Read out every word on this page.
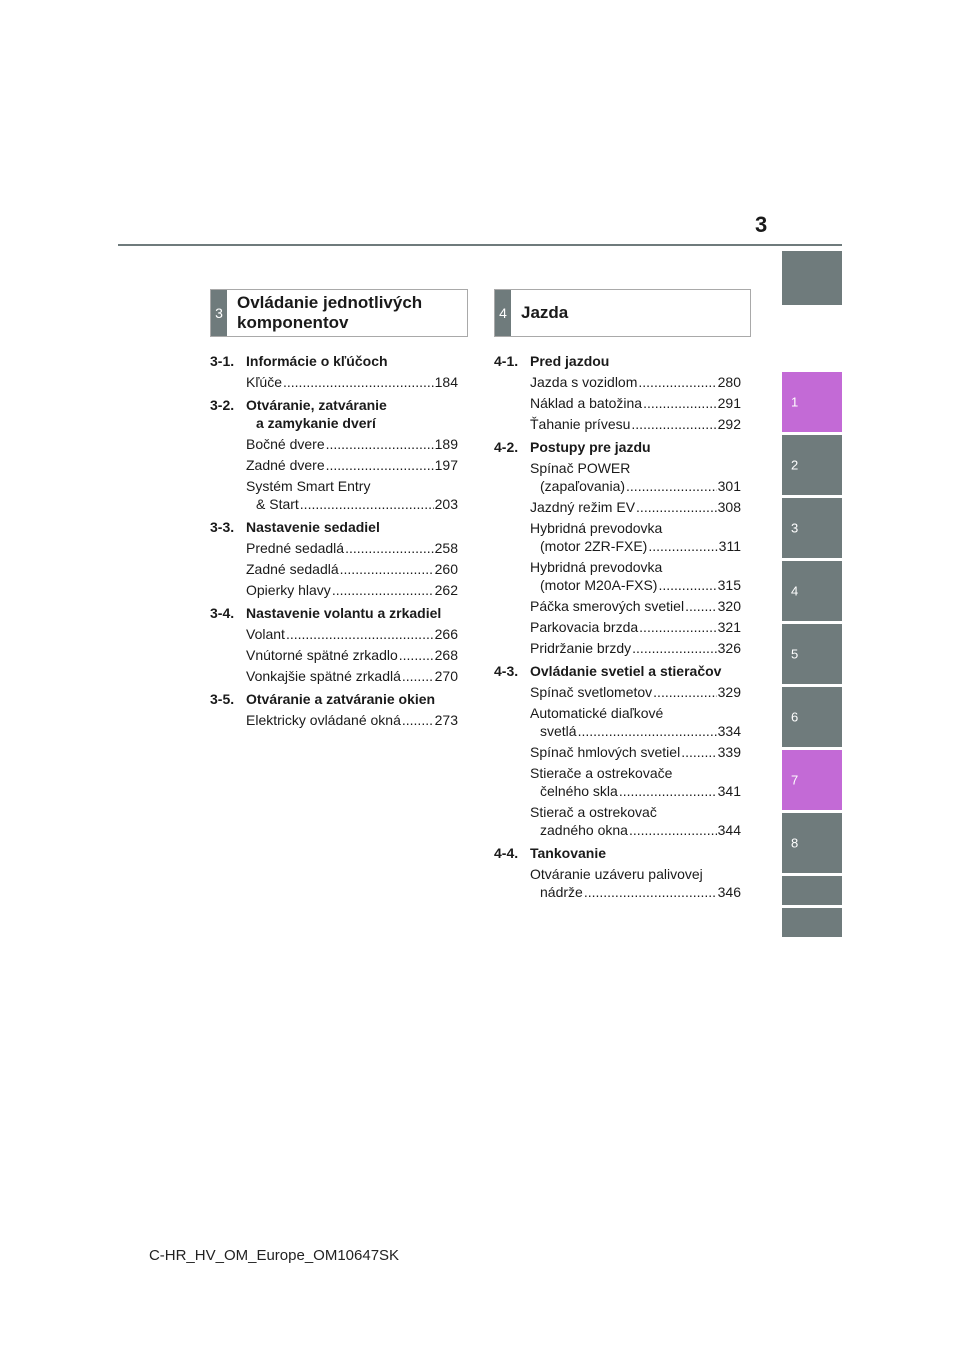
3
1
2
3
4
5
6
7
8
3
Ovládanie jednotlivých
komponentov	4 Jazda
3-1. Informácie o kľúčoch
Kľúče .....	184
3-2. Otváranie, zatváranie
a zamykanie dverí
Bočné dvere .....	189
Zadné dvere .....	197
Systém Smart Entry
& Start .....	203
3-3. Nastavenie sedadiel
Predné sedadlá .....	258
Zadné sedadlá .....	260
Opierky hlavy .....	262
3-4. Nastavenie volantu a zrkadiel
Volant .....	266
Vnútorné spätné zrkadlo .....	268
Vonkajšie spätné zrkadlá ..... 270
3-5. Otváranie a zatváranie okien
Elektricky ovládané okná ..... 273
4-1. Pred jazdou
Jazda s vozidlom .....	280
Náklad a batožina .....	291
Ťahanie prívesu .....	292
4-2. Postupy pre jazdu
Spínač POWER
(zapaľovania) .....	301
Jazdný režim EV .....	308
Hybridná prevodovka
(motor 2ZR-FXE) .....	311
Hybridná prevodovka
(motor M20A-FXS) .....	315
Páčka smerových svetiel ..... 320
Parkovacia brzda .....	321
Pridržanie brzdy .....	326
4-3. Ovládanie svetiel a stieračov
Spínač svetlometov .....	329
Automatické diaľkové
svetlá .....	334
Spínač hmlových svetiel .....	339
Stierače a ostrekovače
čelného skla .....	341
Stierač a ostrekovač
zadného okna .....	344
4-4. Tankovanie
Otváranie uzáveru palivovej
nádrže .....	346
C-HR_HV_OM_Europe_OM10647SK
